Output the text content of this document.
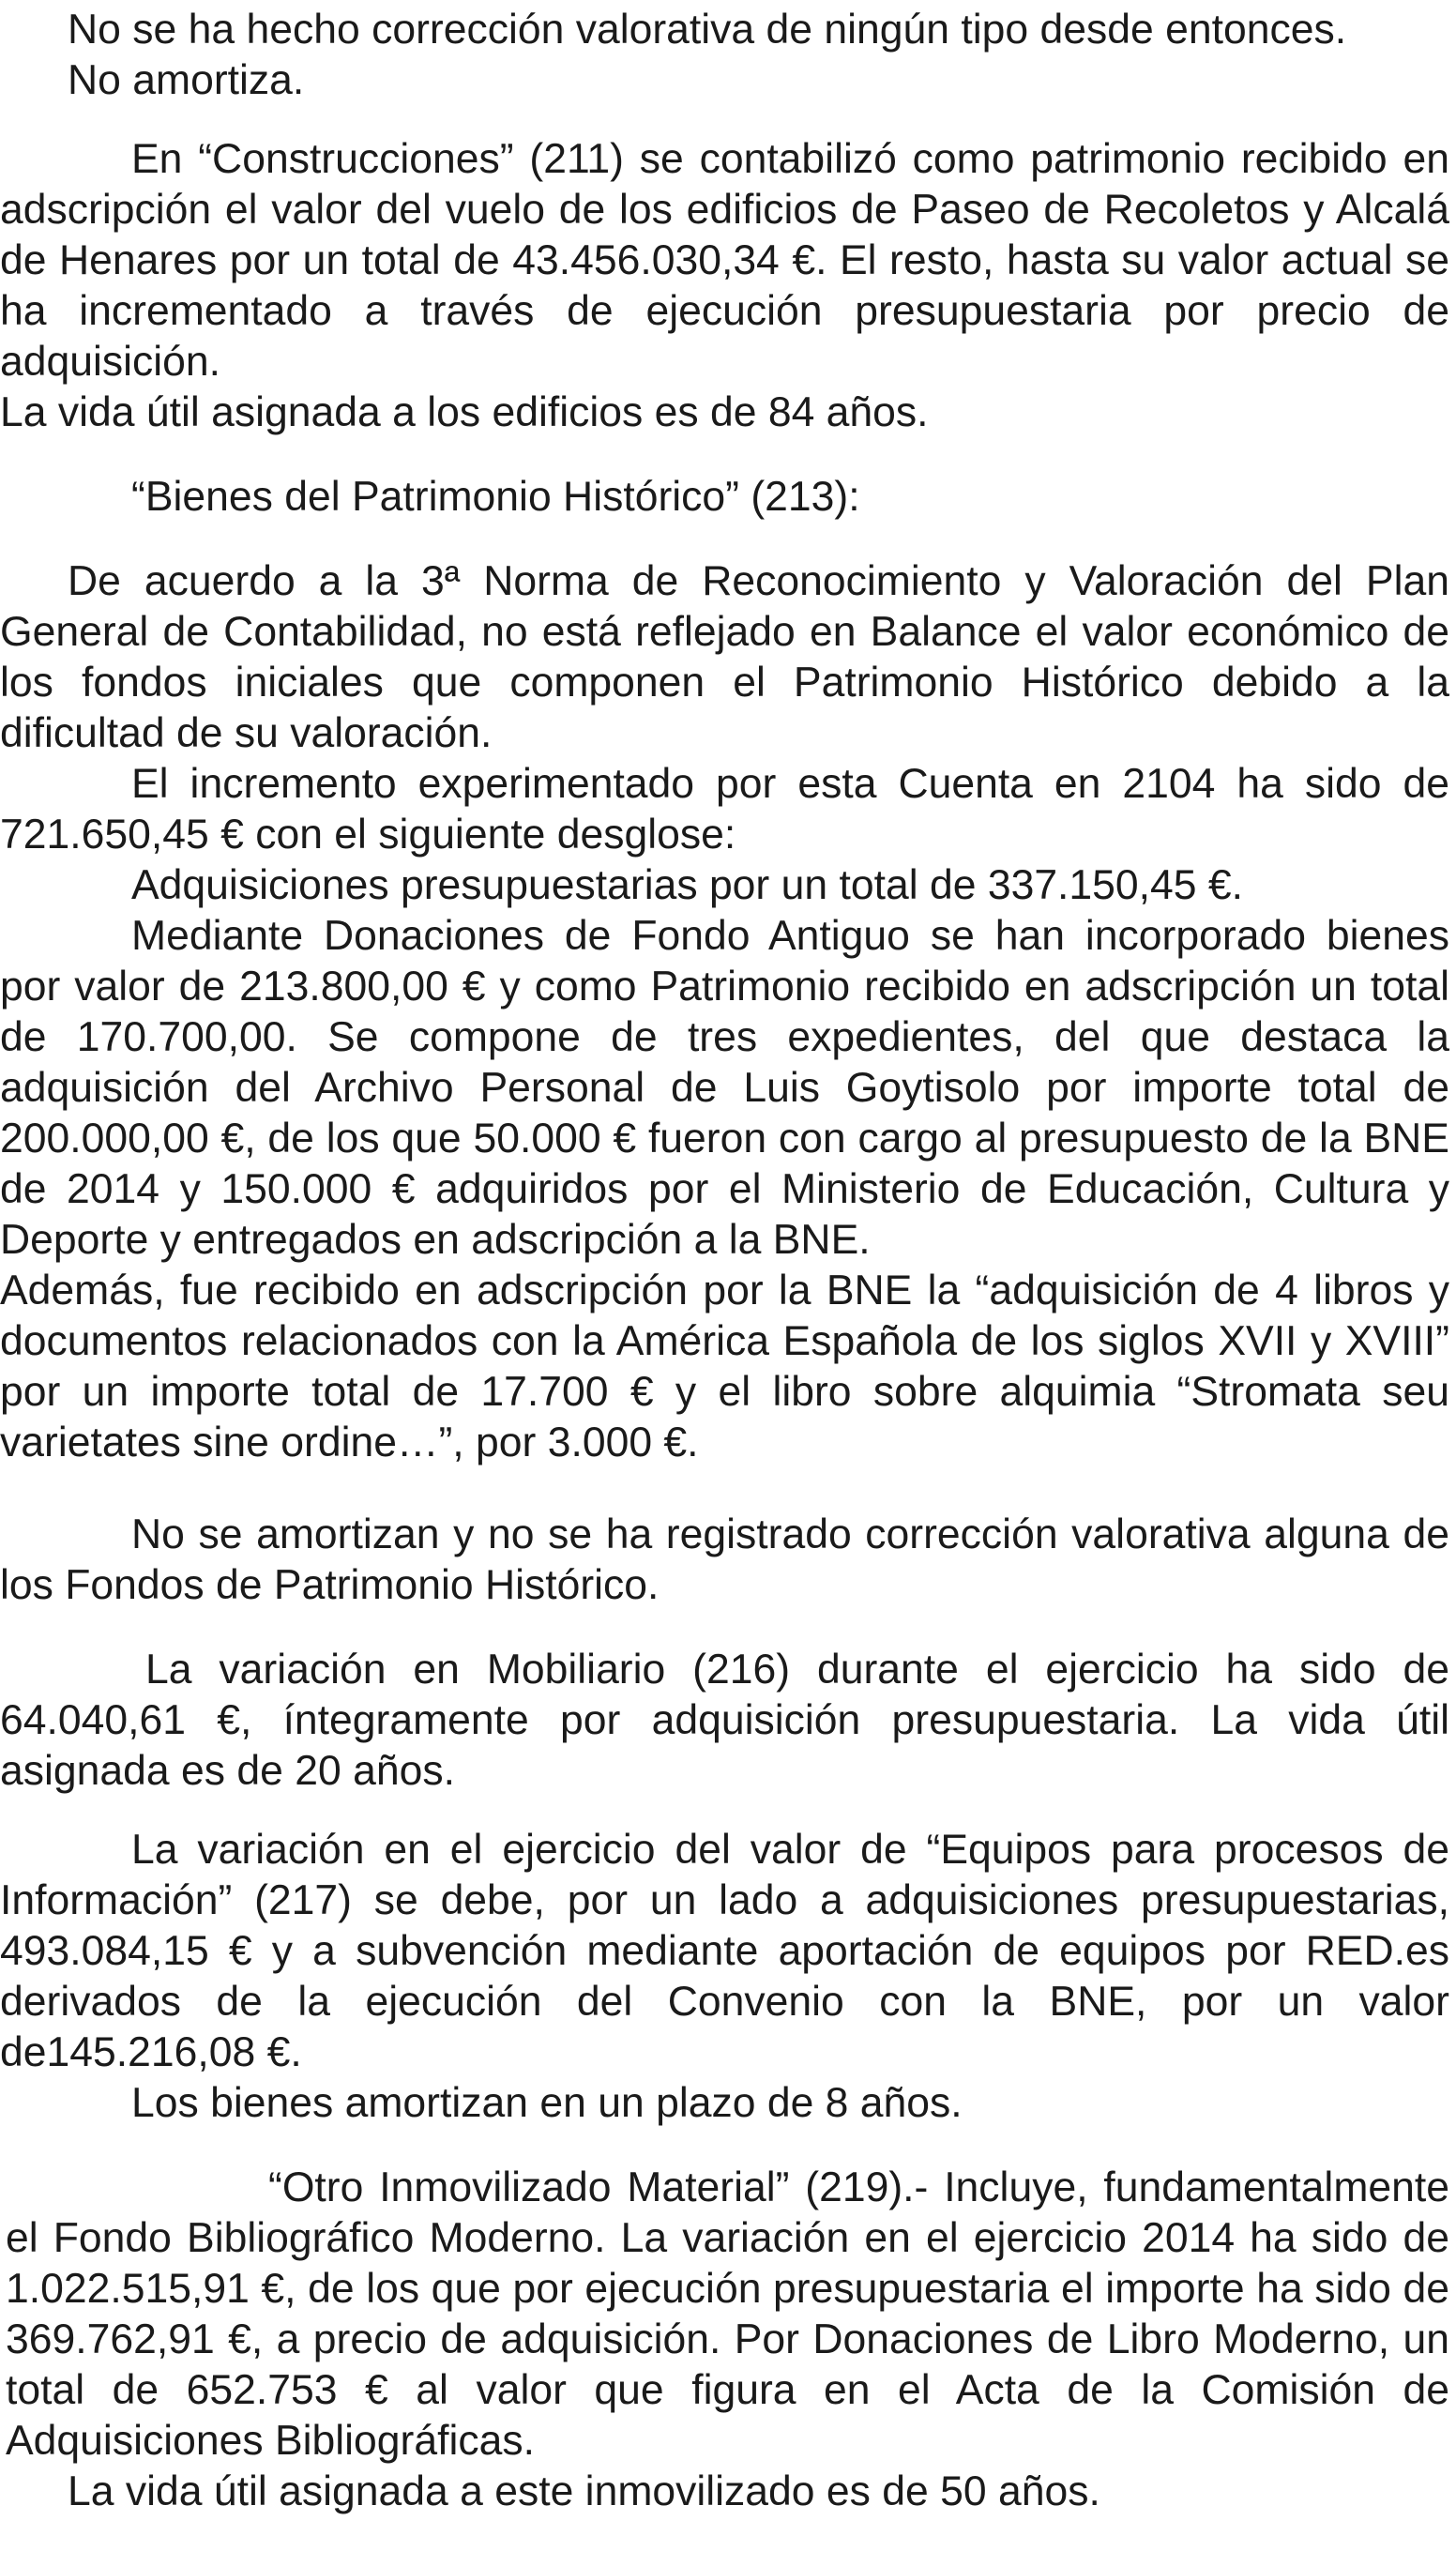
No se ha hecho corrección valorativa de ningún tipo desde entonces.

No amortiza.

En “Construcciones” (211) se contabilizó como patrimonio recibido en adscripción el valor del vuelo de los edificios de Paseo de Recoletos y Alcalá de Henares por un total de 43.456.030,34 €. El resto, hasta su valor actual se ha incrementado a través de ejecución presupuestaria por precio de adquisición.

La vida útil asignada a los edificios es de 84 años.

“Bienes del Patrimonio Histórico” (213):

De acuerdo a la 3ª Norma de Reconocimiento y Valoración del Plan General de Contabilidad, no está reflejado en Balance el valor económico de los fondos iniciales que componen el Patrimonio Histórico debido a la dificultad de su valoración.

El incremento experimentado por esta Cuenta en 2104 ha sido de 721.650,45 € con el siguiente desglose:

Adquisiciones presupuestarias por un total de 337.150,45 €.

Mediante Donaciones de Fondo Antiguo se han incorporado bienes por valor de 213.800,00 € y como Patrimonio recibido en adscripción un total de 170.700,00. Se compone de tres expedientes, del que destaca la adquisición del Archivo Personal de Luis Goytisolo por importe total de 200.000,00 €, de los que 50.000 € fueron con cargo al presupuesto de la BNE de 2014 y 150.000 € adquiridos por el Ministerio de Educación, Cultura y Deporte y entregados en adscripción a la BNE.

Además, fue recibido en adscripción por la BNE la “adquisición de 4 libros y documentos relacionados con la América Española de los siglos XVII y XVIII” por un importe total de 17.700 € y el libro sobre alquimia “Stromata seu varietates sine ordine…”, por 3.000 €.

No se amortizan y no se ha registrado corrección valorativa alguna de los Fondos de Patrimonio Histórico.

La variación en Mobiliario (216) durante el ejercicio ha sido de 64.040,61 €, íntegramente por adquisición presupuestaria. La vida útil asignada es de 20 años.

La variación en el ejercicio del valor de “Equipos para procesos de Información” (217) se debe, por un lado a adquisiciones presupuestarias, 493.084,15 € y a subvención mediante aportación de equipos por RED.es derivados de la ejecución del Convenio con la BNE, por un valor de145.216,08 €.

Los bienes amortizan en un plazo de 8 años.

“Otro Inmovilizado Material” (219).- Incluye, fundamentalmente el Fondo Bibliográfico Moderno. La variación en el ejercicio 2014 ha sido de 1.022.515,91 €, de los que por ejecución presupuestaria el importe ha sido de 369.762,91 €, a precio de adquisición. Por Donaciones de Libro Moderno, un total de 652.753 € al valor que figura en el Acta de la Comisión de Adquisiciones Bibliográficas.

La vida útil asignada a este inmovilizado es de 50 años.
